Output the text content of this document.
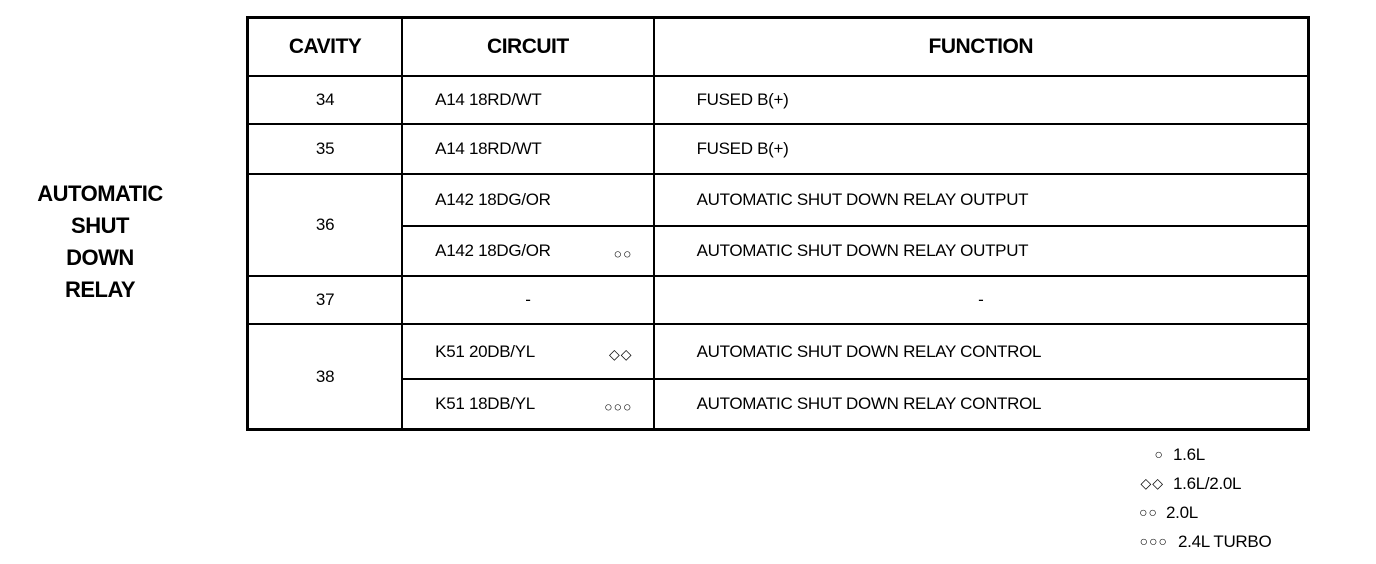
AUTOMATIC
SHUT
DOWN
RELAY
CAVITY	CIRCUIT	FUNCTION
34	A14 18RD/WT	FUSED B(+)
35	A14 18RD/WT	FUSED B(+)
36	A142 18DG/OR	AUTOMATIC SHUT DOWN RELAY OUTPUT
	A142 18DG/OR ○○	AUTOMATIC SHUT DOWN RELAY OUTPUT
37	-	-
38	K51 20DB/YL ◇◇	AUTOMATIC SHUT DOWN RELAY CONTROL
	K51 18DB/YL ○○○	AUTOMATIC SHUT DOWN RELAY CONTROL
○ 1.6L
◇◇ 1.6L/2.0L
○○ 2.0L
○○○ 2.4L TURBO
